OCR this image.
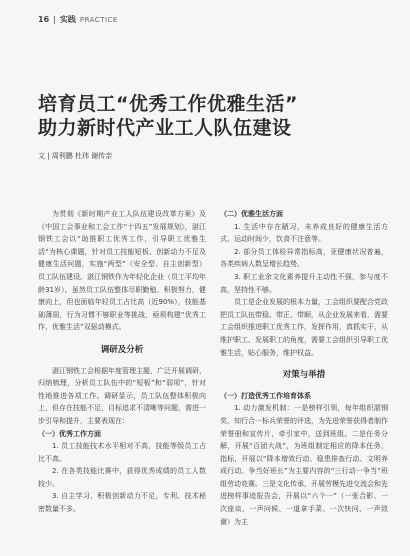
16 | 实践 PRACTICE
培育员工“优秀工作优雅生活”
助力新时代产业工人队伍建设
文 | 周利鹏 杜玮 谢传亲

为贯彻《新时期产业工人队伍建设改革方案》及《中国工会事业和工会工作“十四五”发展规划》，湛江钢铁工会以“助推职工优秀工作，引导职工优雅生活”为核心课题，针对员工技能短板、创新动力不足及健康生活问题，实施“两型”（安全型、自主创新型）员工队伍建设。湛江钢铁作为年轻化企业（员工平均年龄31岁），虽然员工队伍整体尽职勤勉、积极努力，健康向上，但也面临年轻员工占比高（近90%），技能基础薄弱，行为习惯不够职业等挑战，亟须构建“优秀工作，优雅生活”双驱动模式。

调研及分析

湛江钢铁工会根据年度管理主题，广泛开展调研，归纳梳理，分析员工队伍中的“短板”和“弱项”，针对性地推进各项工作。调研显示，员工队伍整体积极向上，但存在技能不足、目标追求不清晰等问题，需进一步引导和提升，主要表现在：

（一）优秀工作方面

1. 员工技能技术水平相对不高，技能等级员工占比不高。

2. 在各类技能比赛中，获得优秀成绩的员工人数较少。

3. 自主学习、积极创新动力不足，专利、技术秘密数量不多。

（二）优雅生活方面

1. 生活中存在陋习，未养成良好的健康生活方式，运动时间少，饮食不注意等。

2. 部分员工体检异常指标高，亚健康状况普遍，各类疾病人数呈增长趋势。

3. 职工业余文化素养提升主动性不强，参与度不高，坚持性不够。

员工是企业发展的根本力量，工会组织要配合党政把员工队伍带稳、带正、带顺，从企业发展来看，需要工会组织推进职工优秀工作，发挥作用，真抓实干，从维护职工、发展职工的角度，需要工会组织引导职工优雅生活，贴心服务，维护权益。

对策与举措

（一）打造优秀工作培育体系

1. 动力激发机制：一是榜样引领，每年组织湛钢奖、知行合一标兵荣誉的评选，为先进荣誉获得者制作荣誉册和宣传片，牵引家中，送到班组。二是任务分解，开展“百团大战”，为班组制定相应的降本任务，指标，开展以“降本增效行动、稳患排查行动、文明养成行动、争当好班长”为主要内容的“三行动一争当”班组劳动竞赛。三是文化传承，开展劳模先进交流会和先进榜样事迹报告会，开展以“六个一”（一张合影、一次座谈、一声问候、一道拿手菜、一次快问、一声致谢）为主
